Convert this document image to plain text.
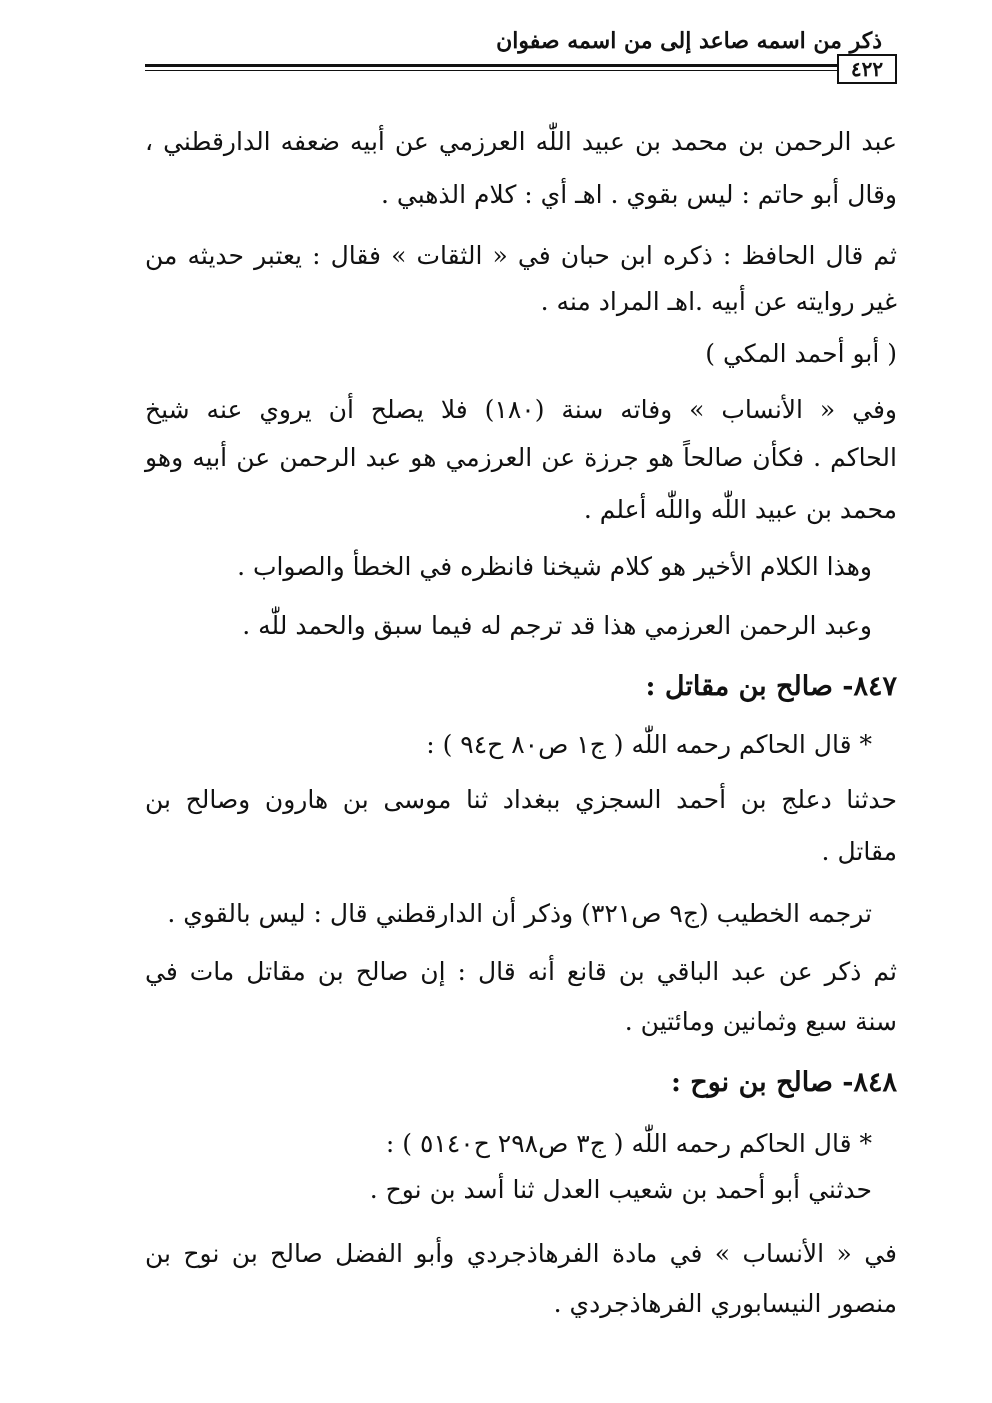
ذكر من اسمه صاعد إلى من اسمه صفوان
٤٢٢
عبد الرحمن بن محمد بن عبيد اللّٰه العرزمي عن أبيه ضعفه الدارقطني ،
وقال أبو حاتم : ليس بقوي . اهـ أي : كلام الذهبي .
ثم قال الحافظ : ذكره ابن حبان في « الثقات » فقال : يعتبر حديثه من
غير روايته عن أبيه .اهـ المراد منه .
( أبو أحمد المكي )
وفي « الأنساب » وفاته سنة (١٨٠) فلا يصلح أن يروي عنه شيخ
الحاكم . فكأن صالحاً هو جرزة عن العرزمي هو عبد الرحمن عن أبيه وهو
محمد بن عبيد اللّٰه واللّٰه أعلم .
وهذا الكلام الأخير هو كلام شيخنا فانظره في الخطأ والصواب .
وعبد الرحمن العرزمي هذا قد ترجم له فيما سبق والحمد للّٰه .
٨٤٧- صالح بن مقاتل :
* قال الحاكم رحمه اللّٰه ( ج١ ص٨٠ ح٩٤ ) :
حدثنا دعلج بن أحمد السجزي ببغداد ثنا موسى بن هارون وصالح بن
مقاتل .
ترجمه الخطيب (ج٩ ص٣٢١) وذكر أن الدارقطني قال : ليس بالقوي .
ثم ذكر عن عبد الباقي بن قانع أنه قال : إن صالح بن مقاتل مات في
سنة سبع وثمانين ومائتين .
٨٤٨- صالح بن نوح :
* قال الحاكم رحمه اللّٰه ( ج٣ ص٢٩٨ ح٥١٤٠ ) :
حدثني أبو أحمد بن شعيب العدل ثنا أسد بن نوح .
في « الأنساب » في مادة الفرهاذجردي وأبو الفضل صالح بن نوح بن
منصور النيسابوري الفرهاذجردي .
